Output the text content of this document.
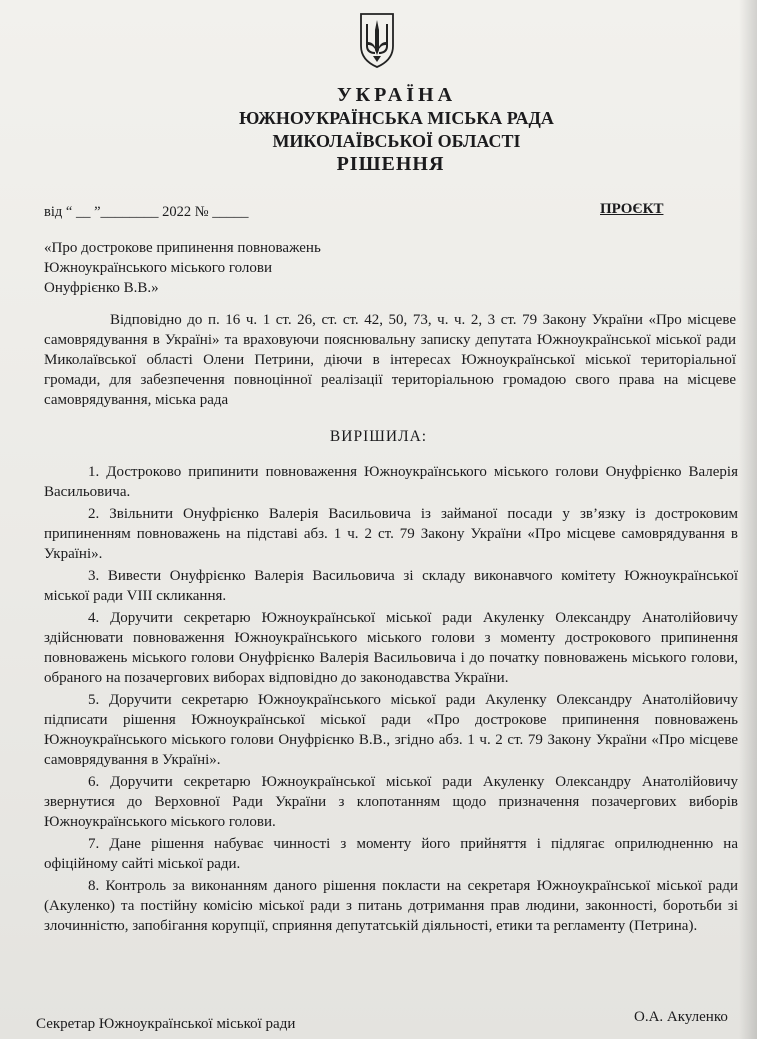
УКРАЇНА
ЮЖНОУКРАЇНСЬКА МІСЬКА РАДА
МИКОЛАЇВСЬКОЇ ОБЛАСТІ
РІШЕННЯ
від “ __ ”________ 2022 № _____	ПРОЄКТ
«Про дострокове припинення повноважень
Южноукраїнського міського голови
Онуфрієнко В.В.»
Відповідно до п. 16 ч. 1 ст. 26, ст. ст. 42, 50, 73, ч. ч. 2, 3 ст. 79 Закону України «Про місцеве самоврядування в Україні» та враховуючи пояснювальну записку депутата Южноукраїнської міської ради Миколаївської області Олени Петрини, діючи в інтересах Южноукраїнської міської територіальної громади, для забезпечення повноцінної реалізації територіальною громадою свого права на місцеве самоврядування, міська рада
ВИРІШИЛА:

1. Достроково припинити повноваження Южноукраїнського міського голови Онуфрієнко Валерія Васильовича.

2. Звільнити Онуфрієнко Валерія Васильовича із займаної посади у зв’язку із достроковим припиненням повноважень на підставі абз. 1 ч. 2 ст. 79 Закону України «Про місцеве самоврядування в Україні».

3. Вивести Онуфрієнко Валерія Васильовича зі складу виконавчого комітету Южноукраїнської міської ради VIII скликання.

4. Доручити секретарю Южноукраїнської міської ради Акуленку Олександру Анатолійовичу здійснювати повноваження Южноукраїнського міського голови з моменту дострокового припинення повноважень міського голови Онуфрієнко Валерія Васильовича і до початку повноважень міського голови, обраного на позачергових виборах відповідно до законодавства України.

5. Доручити секретарю Южноукраїнського міської ради Акуленку Олександру Анатолійовичу підписати рішення Южноукраїнської міської ради «Про дострокове припинення повноважень Южноукраїнського міського голови Онуфрієнко В.В., згідно абз. 1 ч. 2 ст. 79 Закону України «Про місцеве самоврядування в Україні».

6. Доручити секретарю Южноукраїнської міської ради Акуленку Олександру Анатолійовичу звернутися до Верховної Ради України з клопотанням щодо призначення позачергових виборів Южноукраїнського міського голови.

7. Дане рішення набуває чинності з моменту його прийняття і підлягає оприлюдненню на офіційному сайті міської ради.

8. Контроль за виконанням даного рішення покласти на секретаря Южноукраїнської міської ради (Акуленко) та постійну комісію міської ради з питань дотримання прав людини, законності, боротьби зі злочинністю, запобігання корупції, сприяння депутатській діяльності, етики та регламенту (Петрина).

Секретар Южноукраїнської міської ради	О.А. Акуленко
